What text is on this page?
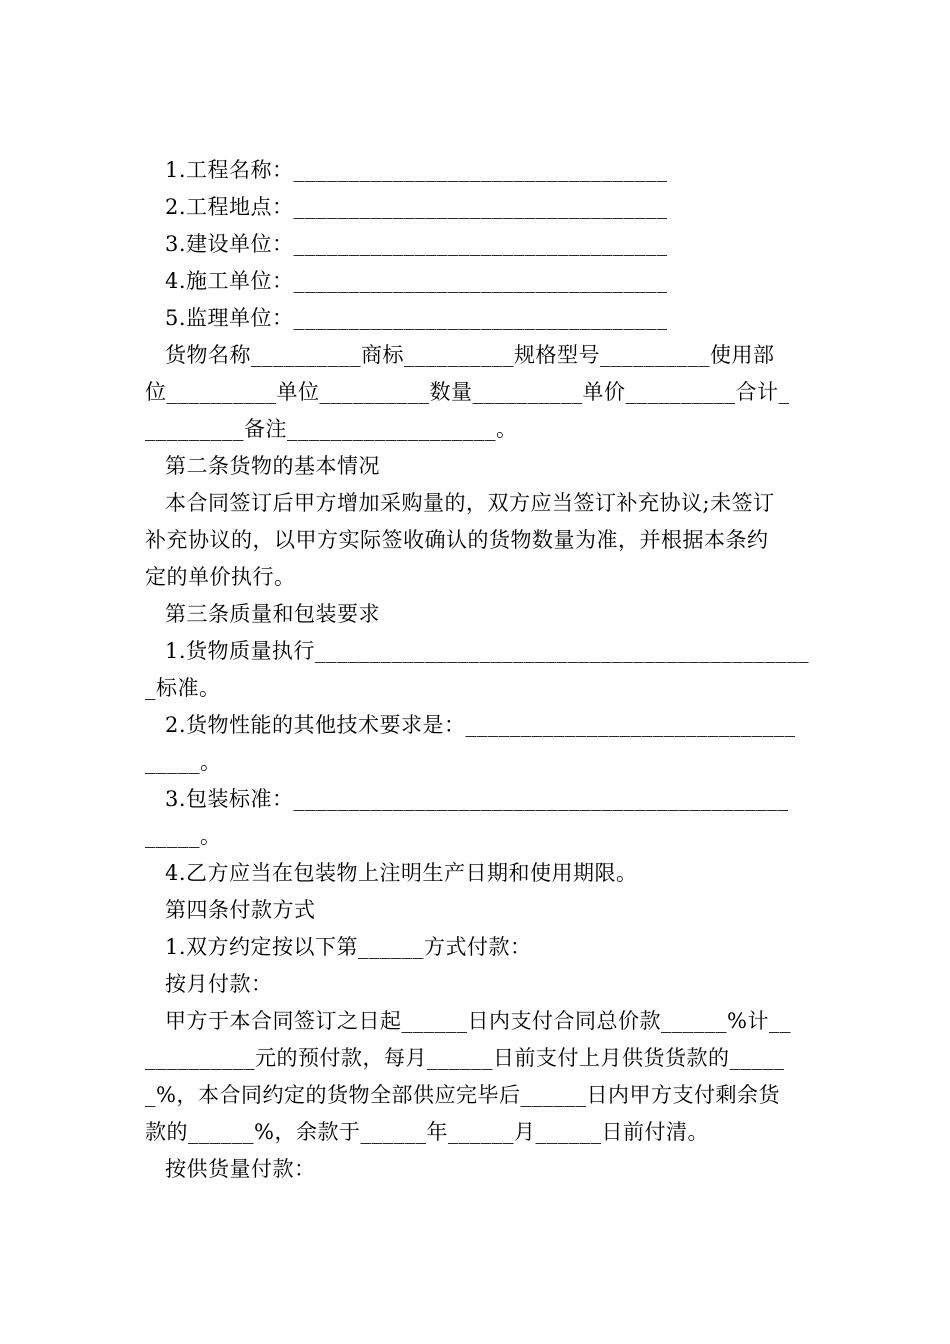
1.工程名称：__________________________________
2.工程地点：__________________________________
3.建设单位：__________________________________
4.施工单位：__________________________________
5.监理单位：__________________________________
货物名称__________商标__________规格型号__________使用部
位__________单位__________数量__________单价__________合计_
_________备注___________________。
第二条货物的基本情况
本合同签订后甲方增加采购量的，双方应当签订补充协议;未签订
补充协议的，以甲方实际签收确认的货物数量为准，并根据本条约
定的单价执行。
第三条质量和包装要求
1.货物质量执行_____________________________________________
_标准。
2.货物性能的其他技术要求是：______________________________
_____。
3.包装标准：_____________________________________________
_____。
4.乙方应当在包装物上注明生产日期和使用期限。
第四条付款方式
1.双方约定按以下第______方式付款：
按月付款：
甲方于本合同签订之日起______日内支付合同总价款______%计__
__________元的预付款，每月______日前支付上月供货货款的_____
_%，本合同约定的货物全部供应完毕后______日内甲方支付剩余货
款的______%，余款于______年______月______日前付清。
按供货量付款：
